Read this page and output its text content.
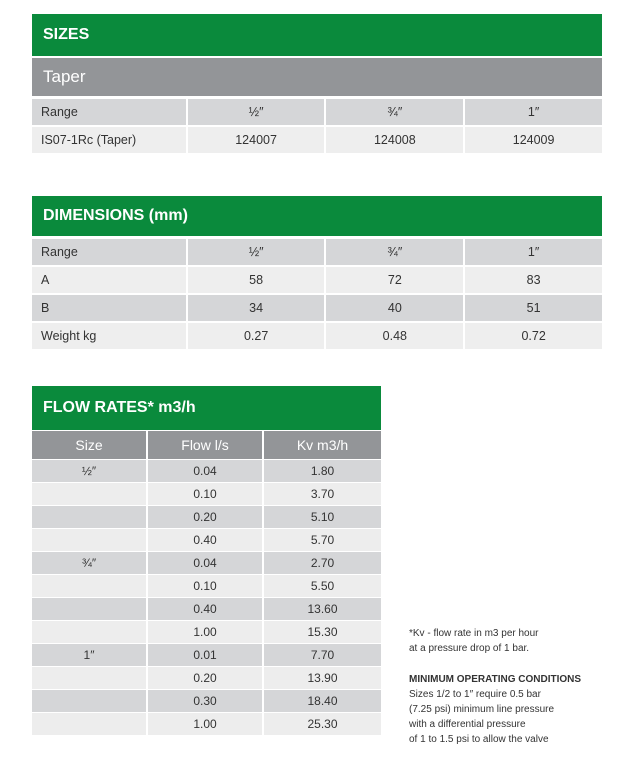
SIZES
Taper
Range	½″	¾″	1″
IS07-1Rc (Taper)	124007	124008	124009
DIMENSIONS (mm)
Range	½″	¾″	1″
A	58	72	83
B	34	40	51
Weight kg	0.27	0.48	0.72
FLOW RATES* m3/h
Size	Flow l/s	Kv m3/h
½″	0.04	1.80
	0.10	3.70
	0.20	5.10
	0.40	5.70
¾″	0.04	2.70
	0.10	5.50
	0.40	13.60
	1.00	15.30
1″	0.01	7.70
	0.20	13.90
	0.30	18.40
	1.00	25.30
*Kv - flow rate in m3 per hour
at a pressure drop of 1 bar.
MINIMUM OPERATING CONDITIONS
Sizes 1/2 to 1″ require 0.5 bar
(7.25 psi) minimum line pressure
with a differential pressure
of 1 to 1.5 psi to allow the valve
